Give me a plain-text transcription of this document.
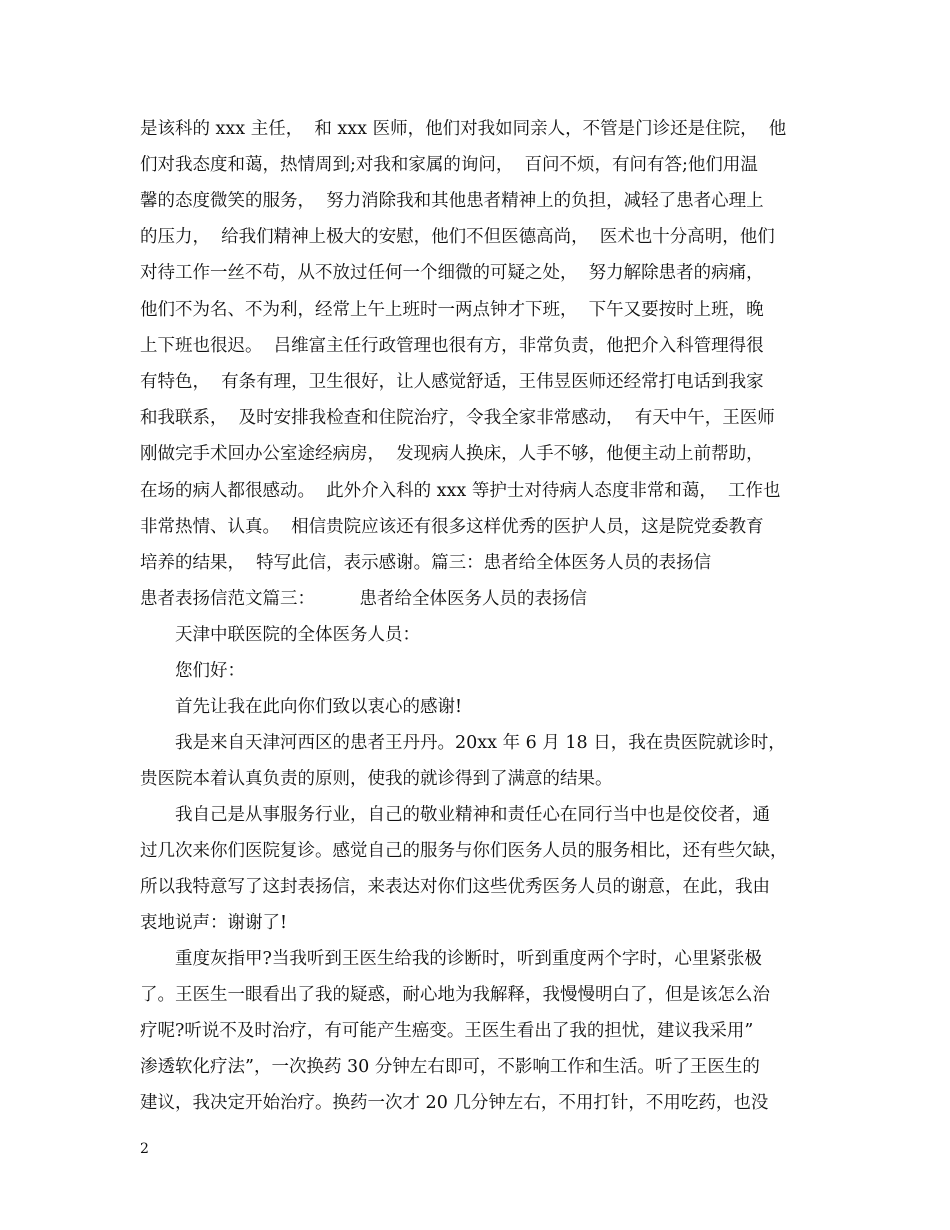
是该科的 xxx 主任，  和 xxx 医师，他们对我如同亲人，不管是门诊还是住院，  他
们对我态度和蔼，热情周到;对我和家属的询问，  百问不烦，有问有答;他们用温
馨的态度微笑的服务，  努力消除我和其他患者精神上的负担，减轻了患者心理上
的压力，  给我们精神上极大的安慰，他们不但医德高尚，  医术也十分高明，他们
对待工作一丝不苟，从不放过任何一个细微的可疑之处，  努力解除患者的病痛，
他们不为名、不为利，经常上午上班时一两点钟才下班，  下午又要按时上班，晚
上下班也很迟。  吕维富主任行政管理也很有方，非常负责，他把介入科管理得很
有特色，  有条有理，卫生很好，让人感觉舒适，王伟昱医师还经常打电话到我家
和我联系，  及时安排我检查和住院治疗，令我全家非常感动，  有天中午，王医师
刚做完手术回办公室途经病房，  发现病人换床，人手不够，他便主动上前帮助，
在场的病人都很感动。  此外介入科的 xxx 等护士对待病人态度非常和蔼，  工作也
非常热情、认真。  相信贵院应该还有很多这样优秀的医护人员，这是院党委教育
培养的结果，  特写此信，表示感谢。篇三：患者给全体医务人员的表扬信
患者表扬信范文篇三：        患者给全体医务人员的表扬信
天津中联医院的全体医务人员：
您们好：
首先让我在此向你们致以衷心的感谢!
我是来自天津河西区的患者王丹丹。20xx 年 6 月 18 日，我在贵医院就诊时，
贵医院本着认真负责的原则，使我的就诊得到了满意的结果。
我自己是从事服务行业，自己的敬业精神和责任心在同行当中也是佼佼者，通
过几次来你们医院复诊。感觉自己的服务与你们医务人员的服务相比，还有些欠缺，
所以我特意写了这封表扬信，来表达对你们这些优秀医务人员的谢意，在此，我由
衷地说声：谢谢了!
重度灰指甲?当我听到王医生给我的诊断时，听到重度两个字时，心里紧张极
了。王医生一眼看出了我的疑惑，耐心地为我解释，我慢慢明白了，但是该怎么治
疗呢?听说不及时治疗，有可能产生癌变。王医生看出了我的担忧，建议我采用”
渗透软化疗法”，一次换药 30 分钟左右即可，不影响工作和生活。听了王医生的
建议，我决定开始治疗。换药一次才 20 几分钟左右，不用打针，不用吃药，也没
2
